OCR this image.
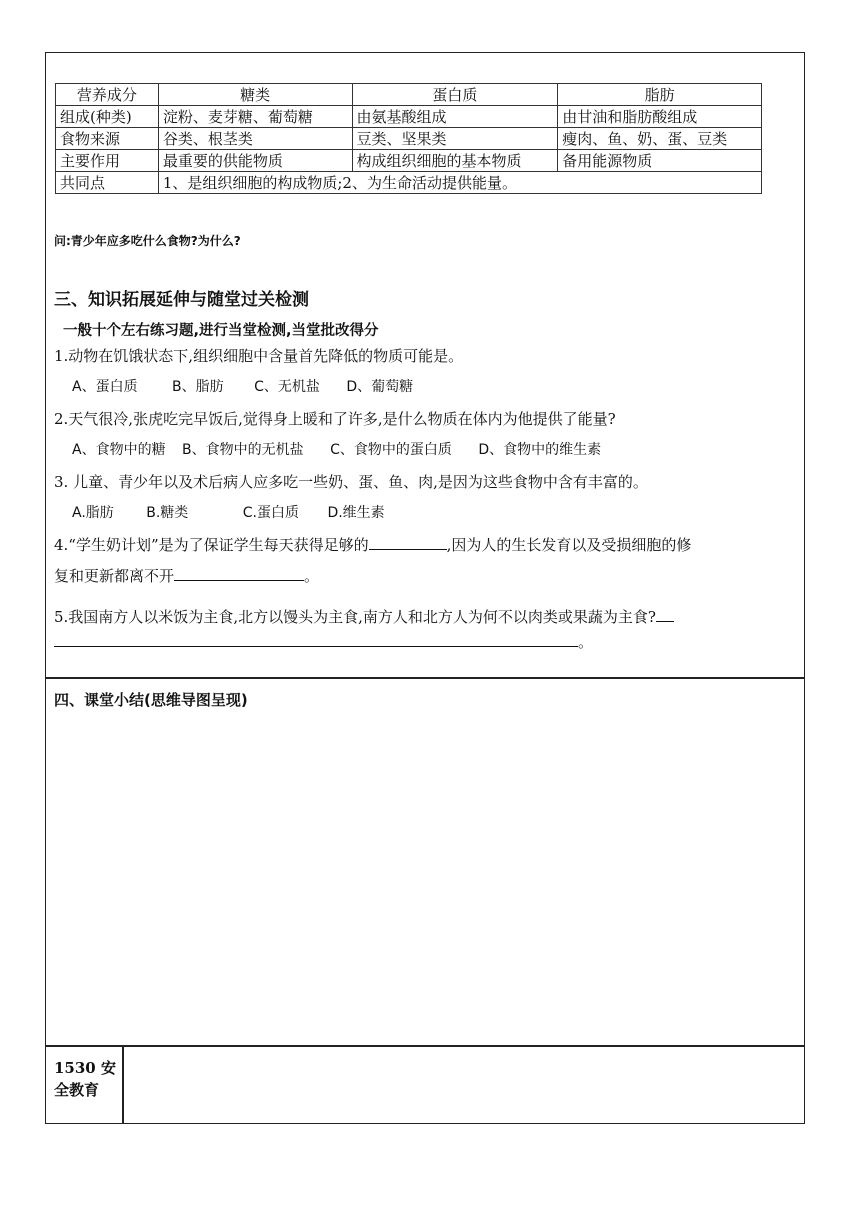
营养成分	糖类	蛋白质	脂肪
组成(种类)	淀粉、麦芽糖、葡萄糖	由氨基酸组成	由甘油和脂肪酸组成
食物来源	谷类、根茎类	豆类、坚果类	瘦肉、鱼、奶、蛋、豆类
主要作用	最重要的供能物质	构成组织细胞的基本物质	备用能源物质
共同点	1、是组织细胞的构成物质;2、为生命活动提供能量。		
问:青少年应多吃什么食物?为什么?
三、知识拓展延伸与随堂过关检测
一般十个左右练习题,进行当堂检测,当堂批改得分
1.动物在饥饿状态下,组织细胞中含量首先降低的物质可能是。
A、蛋白质 B、脂肪 C、无机盐 D、葡萄糖
2.天气很冷,张虎吃完早饭后,觉得身上暖和了许多,是什么物质在体内为他提供了能量?
A、食物中的糖 B、食物中的无机盐 C、食物中的蛋白质 D、食物中的维生素
3. 儿童、青少年以及术后病人应多吃一些奶、蛋、鱼、肉,是因为这些食物中含有丰富的。
A.脂肪 B.糖类	C.蛋白质 D.维生素
4.“学生奶计划”是为了保证学生每天获得足够的	,因为人的生长发育以及受损细胞的修
复和更新都离不开	。
5.我国南方人以米饭为主食,北方以馒头为主食,南方人和北方人为何不以肉类或果蔬为主食?
。
四、课堂小结(思维导图呈现)
1530 安
全教育
